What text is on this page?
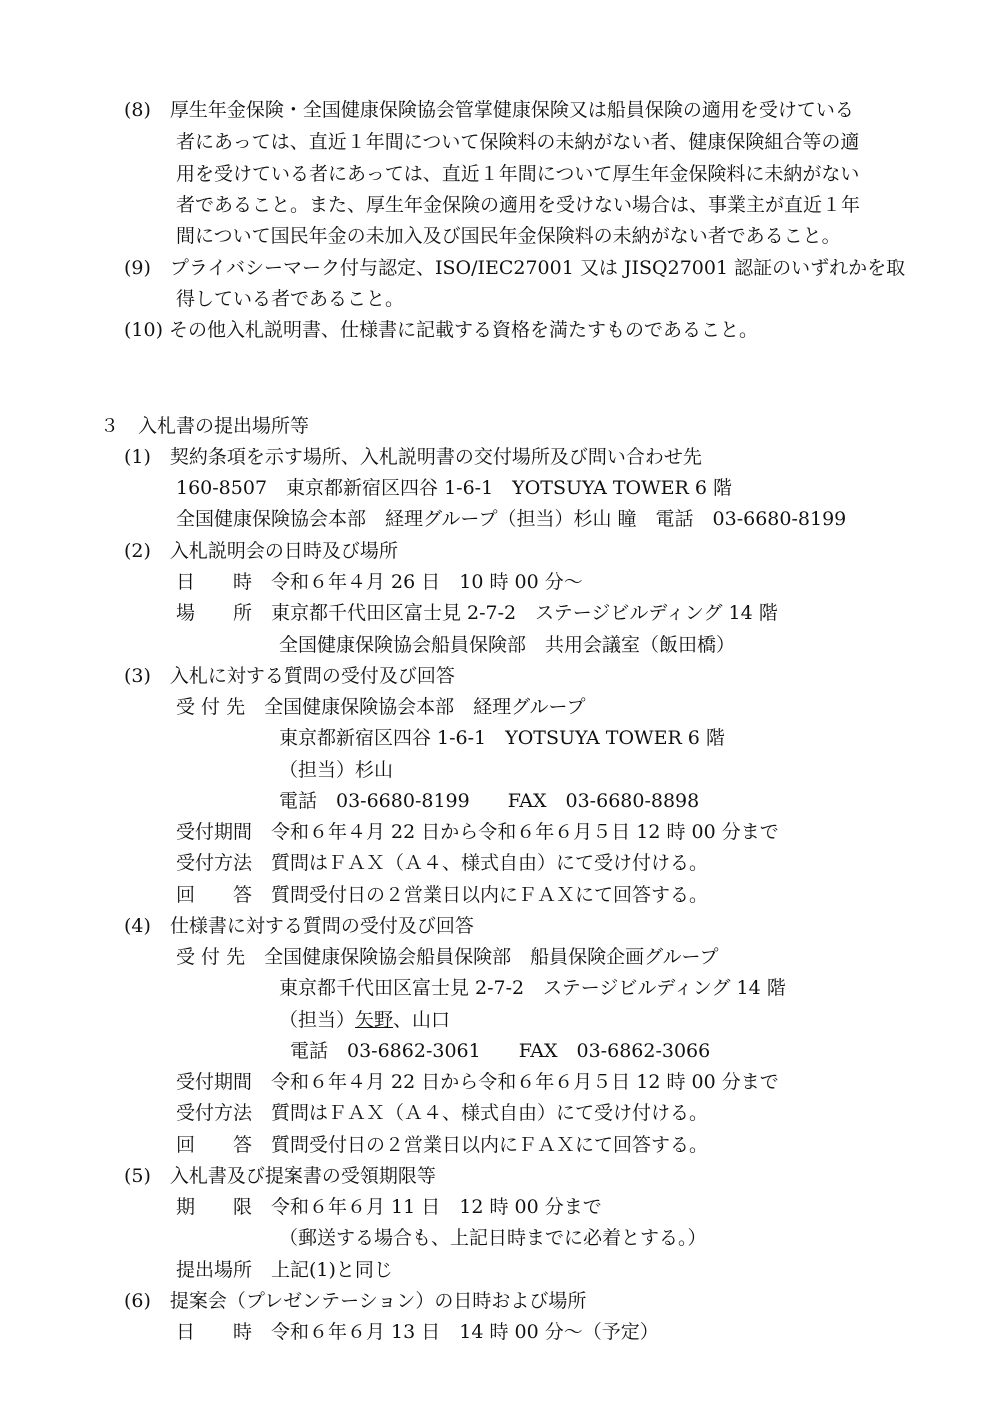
(8)　厚生年金保険・全国健康保険協会管掌健康保険又は船員保険の適用を受けている
者にあっては、直近１年間について保険料の未納がない者、健康保険組合等の適
用を受けている者にあっては、直近１年間について厚生年金保険料に未納がない
者であること。また、厚生年金保険の適用を受けない場合は、事業主が直近１年
間について国民年金の未加入及び国民年金保険料の未納がない者であること。
(9)　プライバシーマーク付与認定、ISO/IEC27001 又は JISQ27001 認証のいずれかを取
得している者であること。
(10) その他入札説明書、仕様書に記載する資格を満たすものであること。
３　入札書の提出場所等
(1)　契約条項を示す場所、入札説明書の交付場所及び問い合わせ先
160-8507　東京都新宿区四谷 1-6-1　YOTSUYA TOWER 6 階
全国健康保険協会本部　経理グループ（担当）杉山 瞳　電話　03-6680-8199
(2)　入札説明会の日時及び場所
日　　時　令和６年４月 26 日　10 時 00 分～
場　　所　東京都千代田区富士見 2-7-2　ステージビルディング 14 階
全国健康保険協会船員保険部　共用会議室（飯田橋）
(3)　入札に対する質問の受付及び回答
受 付 先　全国健康保険協会本部　経理グループ
東京都新宿区四谷 1-6-1　YOTSUYA TOWER 6 階
（担当）杉山
電話　03-6680-8199　　FAX　03-6680-8898
受付期間　令和６年４月 22 日から令和６年６月５日 12 時 00 分まで
受付方法　質問はＦＡＸ（Ａ４、様式自由）にて受け付ける。
回　　答　質問受付日の２営業日以内にＦＡＸにて回答する。
(4)　仕様書に対する質問の受付及び回答
受 付 先　全国健康保険協会船員保険部　船員保険企画グループ
東京都千代田区富士見 2-7-2　ステージビルディング 14 階
（担当）矢野、山口
電話　03-6862-3061　　FAX　03-6862-3066
受付期間　令和６年４月 22 日から令和６年６月５日 12 時 00 分まで
受付方法　質問はＦＡＸ（Ａ４、様式自由）にて受け付ける。
回　　答　質問受付日の２営業日以内にＦＡＸにて回答する。
(5)　入札書及び提案書の受領期限等
期　　限　令和６年６月 11 日　12 時 00 分まで
（郵送する場合も、上記日時までに必着とする。）
提出場所　上記(1)と同じ
(6)　提案会（プレゼンテーション）の日時および場所
日　　時　令和６年６月 13 日　14 時 00 分～（予定）
